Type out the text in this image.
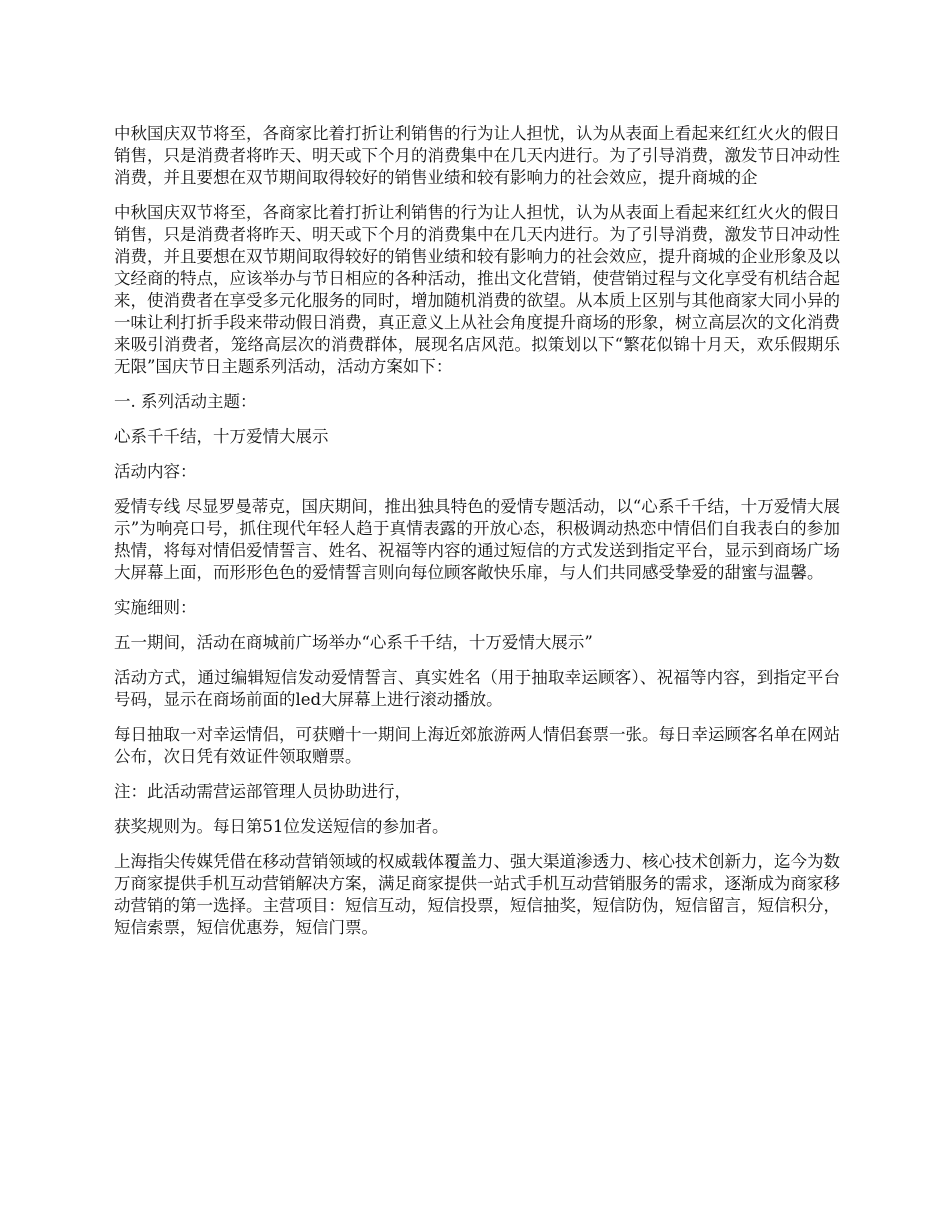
中秋国庆双节将至，各商家比着打折让利销售的行为让人担忧，认为从表面上看起来红红火火的假日销售，只是消费者将昨天、明天或下个月的消费集中在几天内进行。为了引导消费，激发节日冲动性消费，并且要想在双节期间取得较好的销售业绩和较有影响力的社会效应，提升商城的企

中秋国庆双节将至，各商家比着打折让利销售的行为让人担忧，认为从表面上看起来红红火火的假日销售，只是消费者将昨天、明天或下个月的消费集中在几天内进行。为了引导消费，激发节日冲动性消费，并且要想在双节期间取得较好的销售业绩和较有影响力的社会效应，提升商城的企业形象及以文经商的特点，应该举办与节日相应的各种活动，推出文化营销，使营销过程与文化享受有机结合起来，使消费者在享受多元化服务的同时，增加随机消费的欲望。从本质上区别与其他商家大同小异的一味让利打折手段来带动假日消费，真正意义上从社会角度提升商场的形象，树立高层次的文化消费来吸引消费者，笼络高层次的消费群体，展现名店风范。拟策划以下“繁花似锦十月天，欢乐假期乐无限”国庆节日主题系列活动，活动方案如下：

一. 系列活动主题：

心系千千结，十万爱情大展示

活动内容：

爱情专线 尽显罗曼蒂克，国庆期间，推出独具特色的爱情专题活动，以“心系千千结，十万爱情大展示”为响亮口号，抓住现代年轻人趋于真情表露的开放心态，积极调动热恋中情侣们自我表白的参加热情，将每对情侣爱情誓言、姓名、祝福等内容的通过短信的方式发送到指定平台，显示到商场广场大屏幕上面，而形形色色的爱情誓言则向每位顾客敞快乐扉，与人们共同感受挚爱的甜蜜与温馨。

实施细则：

五一期间，活动在商城前广场举办“心系千千结，十万爱情大展示”

活动方式，通过编辑短信发动爱情誓言、真实姓名（用于抽取幸运顾客）、祝福等内容，到指定平台号码，显示在商场前面的led大屏幕上进行滚动播放。

每日抽取一对幸运情侣，可获赠十一期间上海近郊旅游两人情侣套票一张。每日幸运顾客名单在网站公布，次日凭有效证件领取赠票。

注：此活动需营运部管理人员协助进行，

获奖规则为。每日第51位发送短信的参加者。

上海指尖传媒凭借在移动营销领域的权威载体覆盖力、强大渠道渗透力、核心技术创新力，迄今为数万商家提供手机互动营销解决方案，满足商家提供一站式手机互动营销服务的需求，逐渐成为商家移动营销的第一选择。主营项目：短信互动，短信投票，短信抽奖，短信防伪，短信留言，短信积分，短信索票，短信优惠券，短信门票。
